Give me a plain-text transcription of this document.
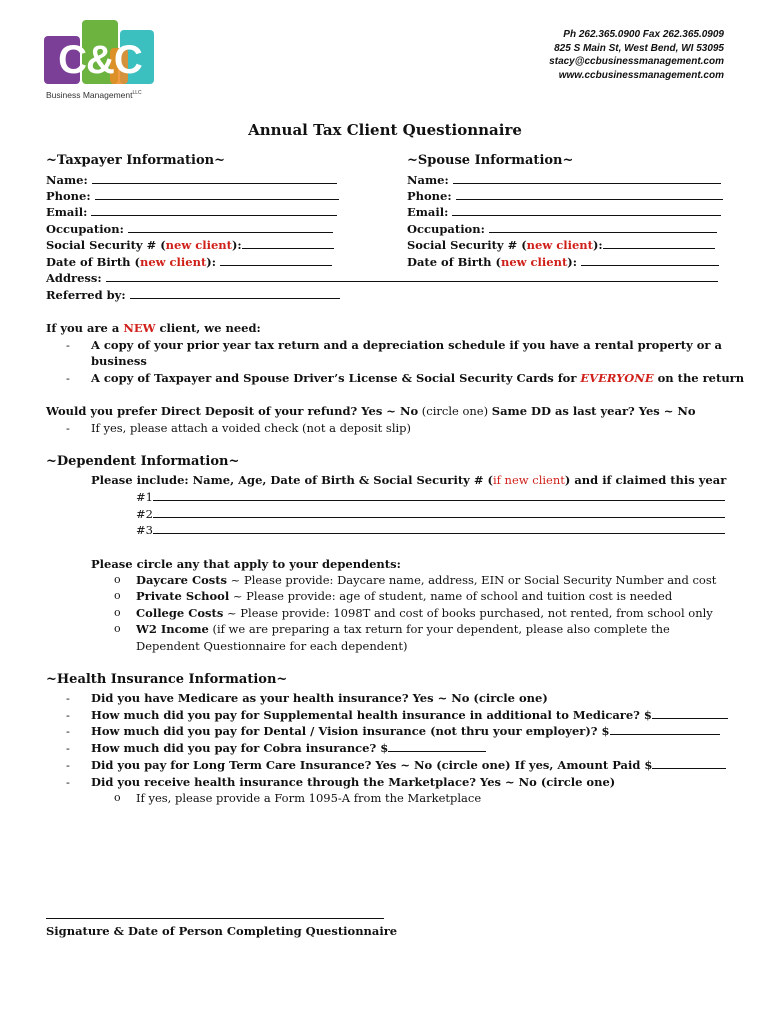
C&C
Business Management$^{LLC}$
Ph 262.365.0900 Fax 262.365.0909
825 S Main St, West Bend, WI 53095
stacy@ccbusinessmanagement.com
www.ccbusinessmanagement.com
Annual Tax Client Questionnaire
~Taxpayer Information~	~Spouse Information~
Name:
Phone:
Email:
Occupation:
Social Security # (new client):
Date of Birth (new client):
Name:
Phone:
Email:
Occupation:
Social Security # (new client):
Date of Birth (new client):
Address:
Referred by:
If you are a NEW client, we need:
- A copy of your prior year tax return and a depreciation schedule if you have a rental property or a
business
- A copy of Taxpayer and Spouse Driver’s License & Social Security Cards for EVERYONE on the return
Would you prefer Direct Deposit of your refund? Yes ~ No (circle one) Same DD as last year? Yes ~ No
- If yes, please attach a voided check (not a deposit slip)
~Dependent Information~
Please include: Name, Age, Date of Birth & Social Security # (if new client) and if claimed this year
#1
#2
#3
Please circle any that apply to your dependents:
o Daycare Costs ~ Please provide: Daycare name, address, EIN or Social Security Number and cost
o Private School ~ Please provide: age of student, name of school and tuition cost is needed
o College Costs ~ Please provide: 1098T and cost of books purchased, not rented, from school only
o W2 Income (if we are preparing a tax return for your dependent, please also complete the
Dependent Questionnaire for each dependent)
~Health Insurance Information~
- Did you have Medicare as your health insurance? Yes ~ No (circle one)
- How much did you pay for Supplemental health insurance in additional to Medicare? $
- How much did you pay for Dental / Vision insurance (not thru your employer)? $
- How much did you pay for Cobra insurance? $
- Did you pay for Long Term Care Insurance? Yes ~ No (circle one) If yes, Amount Paid $
- Did you receive health insurance through the Marketplace? Yes ~ No (circle one)
o If yes, please provide a Form 1095-A from the Marketplace
Signature & Date of Person Completing Questionnaire
